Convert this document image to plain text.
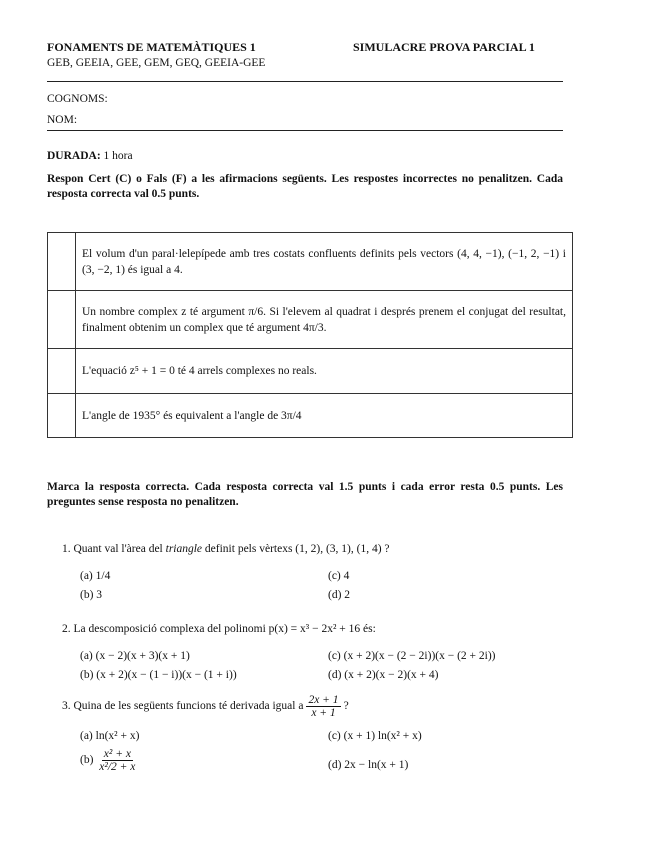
FONAMENTS DE MATEMÀTIQUES 1	SIMULACRE PROVA PARCIAL 1
GEB, GEEIA, GEE, GEM, GEQ, GEEIA-GEE
COGNOMS:
NOM:
DURADA: 1 hora
Respon Cert (C) o Fals (F) a les afirmacions següents. Les respostes incorrectes no penalitzen. Cada resposta correcta val 0.5 punts.
	El volum d'un paral·lelepípede amb tres costats confluents definits pels vectors (4, 4, −1), (−1, 2, −1) i (3, −2, 1) és igual a 4.
	Un nombre complex z té argument π/6. Si l'elevem al quadrat i després prenem el conjugat del resultat, finalment obtenim un complex que té argument 4π/3.
	L'equació z⁵ + 1 = 0 té 4 arrels complexes no reals.
	L'angle de 1935° és equivalent a l'angle de 3π/4
Marca la resposta correcta. Cada resposta correcta val 1.5 punts i cada error resta 0.5 punts. Les preguntes sense resposta no penalitzen.
1. Quant val l'àrea del triangle definit pels vèrtexs (1, 2), (3, 1), (1, 4) ?
(a) 1/4
(b) 3
(c) 4
(d) 2
2. La descomposició complexa del polinomi p(x) = x³ − 2x² + 16 és:
(a) (x − 2)(x + 3)(x + 1)
(b) (x + 2)(x − (1 − i))(x − (1 + i))
(c) (x + 2)(x − (2 − 2i))(x − (2 + 2i))
(d) (x + 2)(x − 2)(x + 4)
3. Quina de les següents funcions té derivada igual a $\frac{2x + 1}{x + 1}$ ?
(a) ln(x² + x)
$(b) \frac{\text{x² + x}}{\text{x²/2 + x}}$
(c) (x + 1) ln(x² + x)
(d) 2x − ln(x + 1)
